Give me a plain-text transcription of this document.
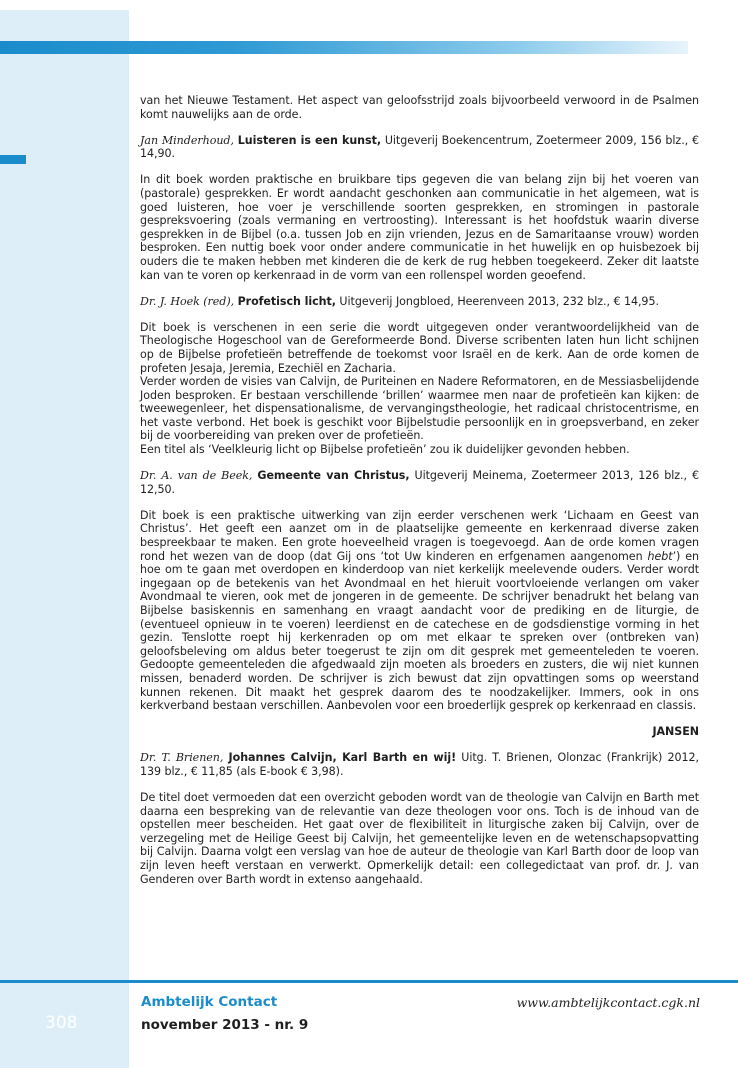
van het Nieuwe Testament. Het aspect van geloofsstrijd zoals bijvoorbeeld verwoord in de Psalmen komt nauwelijks aan de orde.

Jan Minderhoud, Luisteren is een kunst, Uitgeverij Boekencentrum, Zoetermeer 2009, 156 blz., € 14,90.

In dit boek worden praktische en bruikbare tips gegeven die van belang zijn bij het voeren van (pastorale) gesprekken. Er wordt aandacht geschonken aan communicatie in het algemeen, wat is goed luisteren, hoe voer je verschillende soorten gesprekken, en stromingen in pastorale gespreksvoering (zoals vermaning en vertroosting). Interessant is het hoofdstuk waarin diverse gesprekken in de Bijbel (o.a. tussen Job en zijn vrienden, Jezus en de Samaritaanse vrouw) worden besproken. Een nuttig boek voor onder andere communicatie in het huwelijk en op huisbezoek bij ouders die te maken hebben met kinderen die de kerk de rug hebben toegekeerd. Zeker dit laatste kan van te voren op kerkenraad in de vorm van een rollenspel worden geoefend.

Dr. J. Hoek (red), Profetisch licht, Uitgeverij Jongbloed, Heerenveen 2013, 232 blz., € 14,95.

Dit boek is verschenen in een serie die wordt uitgegeven onder verantwoordelijkheid van de Theologische Hogeschool van de Gereformeerde Bond. Diverse scribenten laten hun licht schijnen op de Bijbelse profetieën betreffende de toekomst voor Israël en de kerk. Aan de orde komen de profeten Jesaja, Jeremia, Ezechiël en Zacharia.

Verder worden de visies van Calvijn, de Puriteinen en Nadere Reformatoren, en de Messiasbelijdende Joden besproken. Er bestaan verschillende ‘brillen’ waarmee men naar de profetieën kan kijken: de tweewegenleer, het dispensationalisme, de vervangingstheologie, het radicaal christocentrisme, en het vaste verbond. Het boek is geschikt voor Bijbelstudie persoonlijk en in groepsverband, en zeker bij de voorbereiding van preken over de profetieën.

Een titel als ‘Veelkleurig licht op Bijbelse profetieën’ zou ik duidelijker gevonden hebben.

Dr. A. van de Beek, Gemeente van Christus, Uitgeverij Meinema, Zoetermeer 2013, 126 blz., € 12,50.

Dit boek is een praktische uitwerking van zijn eerder verschenen werk ‘Lichaam en Geest van Christus’. Het geeft een aanzet om in de plaatselijke gemeente en kerkenraad diverse zaken bespreekbaar te maken. Een grote hoeveelheid vragen is toegevoegd. Aan de orde komen vragen rond het wezen van de doop (dat Gij ons ‘tot Uw kinderen en erfgenamen aangenomen hebt’) en hoe om te gaan met overdopen en kinderdoop van niet kerkelijk meelevende ouders. Verder wordt ingegaan op de betekenis van het Avondmaal en het hieruit voortvloeiende verlangen om vaker Avondmaal te vieren, ook met de jongeren in de gemeente. De schrijver benadrukt het belang van Bijbelse basiskennis en samenhang en vraagt aandacht voor de prediking en de liturgie, de (eventueel opnieuw in te voeren) leerdienst en de catechese en de godsdienstige vorming in het gezin. Tenslotte roept hij kerkenraden op om met elkaar te spreken over (ontbreken van) geloofsbeleving om aldus beter toegerust te zijn om dit gesprek met gemeenteleden te voeren. Gedoopte gemeenteleden die afgedwaald zijn moeten als broeders en zusters, die wij niet kunnen missen, benaderd worden. De schrijver is zich bewust dat zijn opvattingen soms op weerstand kunnen rekenen. Dit maakt het gesprek daarom des te noodzakelijker. Immers, ook in ons kerkverband bestaan verschillen. Aanbevolen voor een broederlijk gesprek op kerkenraad en classis.

JANSEN

Dr. T. Brienen, Johannes Calvijn, Karl Barth en wij! Uitg. T. Brienen, Olonzac (Frankrijk) 2012, 139 blz., € 11,85 (als E-book € 3,98).

De titel doet vermoeden dat een overzicht geboden wordt van de theologie van Calvijn en Barth met daarna een bespreking van de relevantie van deze theologen voor ons. Toch is de inhoud van de opstellen meer bescheiden. Het gaat over de flexibiliteit in liturgische zaken bij Calvijn, over de verzegeling met de Heilige Geest bij Calvijn, het gemeentelijke leven en de wetenschapsopvatting bij Calvijn. Daarna volgt een verslag van hoe de auteur de theologie van Karl Barth door de loop van zijn leven heeft verstaan en verwerkt. Opmerkelijk detail: een collegedictaat van prof. dr. J. van Genderen over Barth wordt in extenso aangehaald.

Ambtelijk Contact
november 2013 - nr. 9
www.ambtelijkcontact.cgk.nl
308
